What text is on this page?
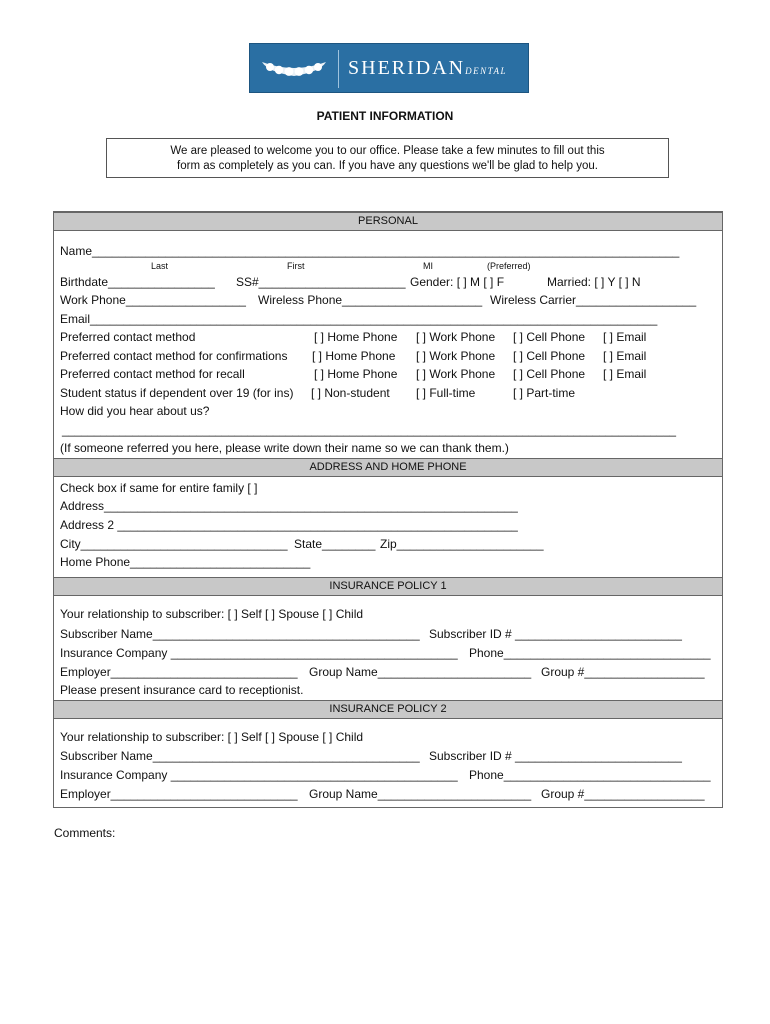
SHERIDANDENTAL
PATIENT INFORMATION
We are pleased to welcome you to our office. Please take a few minutes to fill out this
form as completely as you can. If you have any questions we'll be glad to help you.
PERSONAL
Name________________________________________________________________________________________
Last	First	MI	(Preferred)
Birthdate________________ SS#______________________ Gender: [ ] M [ ] F	Married: [ ] Y [ ] N
Work Phone__________________ Wireless Phone_____________________ Wireless Carrier__________________
Email_____________________________________________________________________________________
Preferred contact method	[ ] Home Phone [ ] Work Phone [ ] Cell Phone [ ] Email
Preferred contact method for confirmations [ ] Home Phone [ ] Work Phone [ ] Cell Phone [ ] Email
Preferred contact method for recall	[ ] Home Phone [ ] Work Phone [ ] Cell Phone [ ] Email
Student status if dependent over 19 (for ins) [ ] Non-student [ ] Full-time	[ ] Part-time
How did you hear about us?
________________________________________________________________________________________________
(If someone referred you here, please write down their name so we can thank them.)
ADDRESS AND HOME PHONE
Check box if same for entire family [ ]
Address______________________________________________________________
Address 2 ____________________________________________________________
City_______________________________ State________ Zip______________________
Home Phone___________________________
INSURANCE POLICY 1
Your relationship to subscriber: [ ] Self [ ] Spouse [ ] Child
Subscriber Name________________________________________ Subscriber ID # _________________________
Insurance Company ___________________________________________ Phone_______________________________
Employer____________________________ Group Name_______________________ Group #__________________
Please present insurance card to receptionist.
INSURANCE POLICY 2
Your relationship to subscriber: [ ] Self [ ] Spouse [ ] Child
Subscriber Name________________________________________ Subscriber ID # _________________________
Insurance Company ___________________________________________ Phone_______________________________
Employer____________________________ Group Name_______________________ Group #__________________
Comments:
